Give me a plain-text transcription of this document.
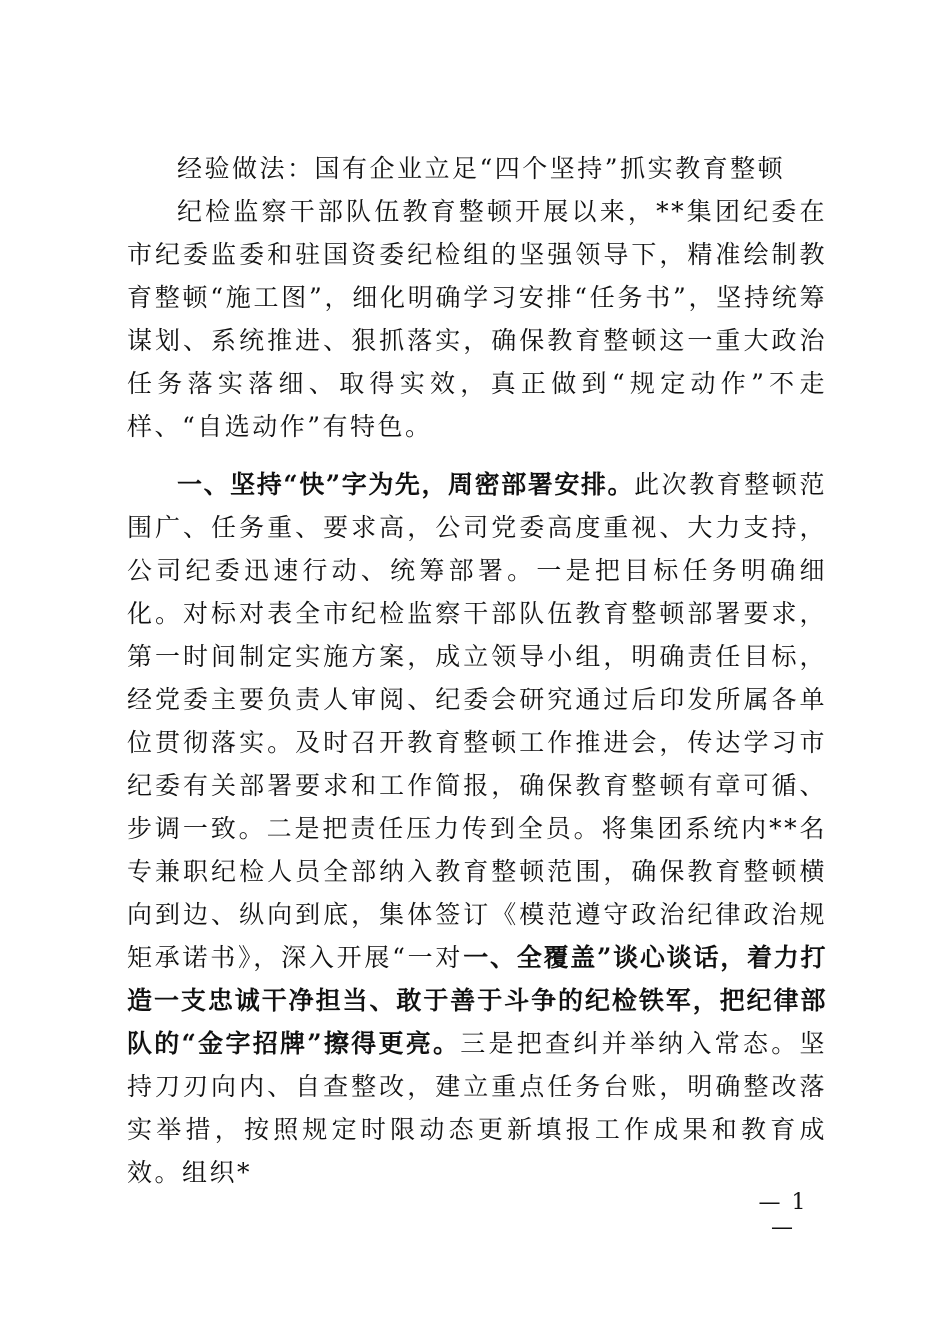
经验做法：国有企业立足“四个坚持”抓实教育整顿

纪检监察干部队伍教育整顿开展以来，**集团纪委在市纪委监委和驻国资委纪检组的坚强领导下，精准绘制教育整顿“施工图”，细化明确学习安排“任务书”，坚持统筹谋划、系统推进、狠抓落实，确保教育整顿这一重大政治任务落实落细、取得实效，真正做到“规定动作”不走样、“自选动作”有特色。

一、坚持“快”字为先，周密部署安排。此次教育整顿范围广、任务重、要求高，公司党委高度重视、大力支持，公司纪委迅速行动、统筹部署。一是把目标任务明确细化。对标对表全市纪检监察干部队伍教育整顿部署要求，第一时间制定实施方案，成立领导小组，明确责任目标，经党委主要负责人审阅、纪委会研究通过后印发所属各单位贯彻落实。及时召开教育整顿工作推进会，传达学习市纪委有关部署要求和工作简报，确保教育整顿有章可循、步调一致。二是把责任压力传到全员。将集团系统内**名专兼职纪检人员全部纳入教育整顿范围，确保教育整顿横向到边、纵向到底，集体签订《模范遵守政治纪律政治规矩承诺书》，深入开展“一对一、全覆盖”谈心谈话，着力打造一支忠诚干净担当、敢于善于斗争的纪检铁军，把纪律部队的“金字招牌”擦得更亮。三是把查纠并举纳入常态。坚持刀刃向内、自查整改，建立重点任务台账，明确整改落实举措，按照规定时限动态更新填报工作成果和教育成效。组织*

— 1 —
